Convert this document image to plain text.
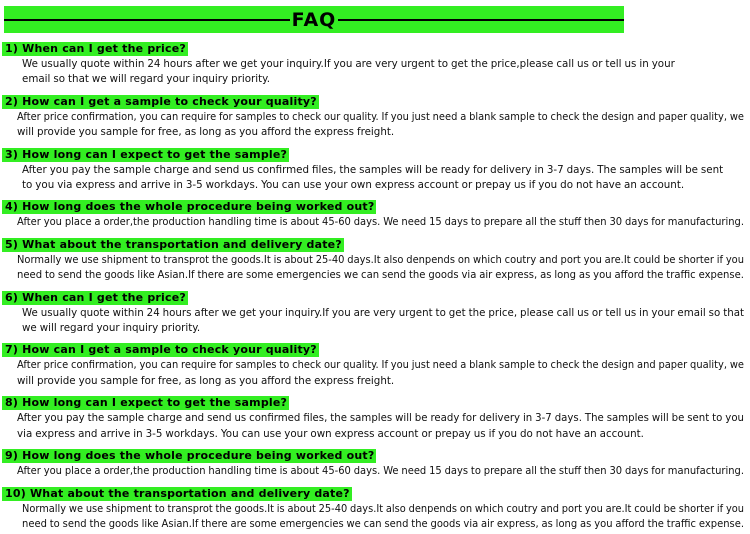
FAQ
1) When can I get the price?
We usually quote within 24 hours after we get your inquiry.If you are very urgent to get the price,please call us or tell us in your
email so that we will regard your inquiry priority.
2) How can I get a sample to check your quality?
After price confirmation, you can require for samples to check our quality. If you just need a blank sample to check the design and paper quality, we
will provide you sample for free, as long as you afford the express freight.
3) How long can I expect to get the sample?
After you pay the sample charge and send us confirmed files, the samples will be ready for delivery in 3-7 days. The samples will be sent
to you via express and arrive in 3-5 workdays. You can use your own express account or prepay us if you do not have an account.
4) How long does the whole procedure being worked out?
After you place a order,the production handling time is about 45-60 days. We need 15 days to prepare all the stuff then 30 days for manufacturing.
5) What about the transportation and delivery date?
Normally we use shipment to transprot the goods.It is about 25-40 days.It also denpends on which coutry and port you are.It could be shorter if you
need to send the goods like Asian.If there are some emergencies we can send the goods via air express, as long as you afford the traffic expense.
6) When can I get the price?
We usually quote within 24 hours after we get your inquiry.If you are very urgent to get the price, please call us or tell us in your email so that
we will regard your inquiry priority.
7) How can I get a sample to check your quality?
After price confirmation, you can require for samples to check our quality. If you just need a blank sample to check the design and paper quality, we
will provide you sample for free, as long as you afford the express freight.
8) How long can I expect to get the sample?
After you pay the sample charge and send us confirmed files, the samples will be ready for delivery in 3-7 days. The samples will be sent to you
via express and arrive in 3-5 workdays. You can use your own express account or prepay us if you do not have an account.
9) How long does the whole procedure being worked out?
After you place a order,the production handling time is about 45-60 days. We need 15 days to prepare all the stuff then 30 days for manufacturing.
10) What about the transportation and delivery date?
Normally we use shipment to transprot the goods.It is about 25-40 days.It also denpends on which coutry and port you are.It could be shorter if you
need to send the goods like Asian.If there are some emergencies we can send the goods via air express, as long as you afford the traffic expense.
